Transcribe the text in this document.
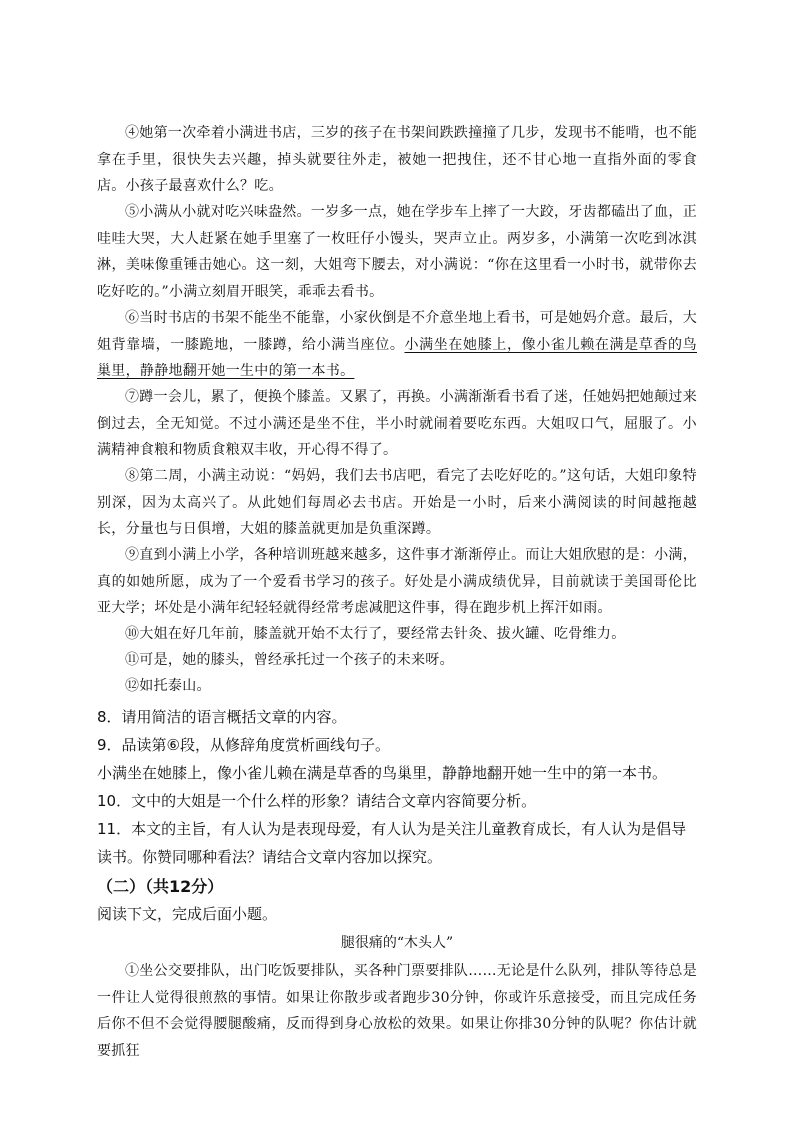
④她第一次牵着小满进书店，三岁的孩子在书架间跌跌撞撞了几步，发现书不能啃，也不能拿在手里，很快失去兴趣，掉头就要往外走，被她一把拽住，还不甘心地一直指外面的零食店。小孩子最喜欢什么？吃。
⑤小满从小就对吃兴味盎然。一岁多一点，她在学步车上摔了一大跤，牙齿都磕出了血，正哇哇大哭，大人赶紧在她手里塞了一枚旺仔小馒头，哭声立止。两岁多，小满第一次吃到冰淇淋，美味像重锤击她心。这一刻，大姐弯下腰去，对小满说：“你在这里看一小时书，就带你去吃好吃的。”小满立刻眉开眼笑，乖乖去看书。
⑥当时书店的书架不能坐不能靠，小家伙倒是不介意坐地上看书，可是她妈介意。最后，大姐背靠墙，一膝跪地，一膝蹲，给小满当座位。小满坐在她膝上，像小雀儿赖在满是草香的鸟巢里，静静地翻开她一生中的第一本书。
⑦蹲一会儿，累了，便换个膝盖。又累了，再换。小满渐渐看书看了迷，任她妈把她颠过来倒过去，全无知觉。不过小满还是坐不住，半小时就闹着要吃东西。大姐叹口气，屈服了。小满精神食粮和物质食粮双丰收，开心得不得了。
⑧第二周，小满主动说：“妈妈，我们去书店吧，看完了去吃好吃的。”这句话，大姐印象特别深，因为太高兴了。从此她们每周必去书店。开始是一小时，后来小满阅读的时间越拖越长，分量也与日俱增，大姐的膝盖就更加是负重深蹲。
⑨直到小满上小学，各种培训班越来越多，这件事才渐渐停止。而让大姐欣慰的是：小满，真的如她所愿，成为了一个爱看书学习的孩子。好处是小满成绩优异，目前就读于美国哥伦比亚大学；坏处是小满年纪轻轻就得经常考虑减肥这件事，得在跑步机上挥汗如雨。
⑩大姐在好几年前，膝盖就开始不太行了，要经常去针灸、拔火罐、吃骨维力。
⑪可是，她的膝头，曾经承托过一个孩子的未来呀。
⑫如托泰山。
8．请用简洁的语言概括文章的内容。
9．品读第⑥段，从修辞角度赏析画线句子。
小满坐在她膝上，像小雀儿赖在满是草香的鸟巢里，静静地翻开她一生中的第一本书。
10．文中的大姐是一个什么样的形象？请结合文章内容简要分析。
11．本文的主旨，有人认为是表现母爱，有人认为是关注儿童教育成长，有人认为是倡导读书。你赞同哪种看法？请结合文章内容加以探究。
（二）（共12分）
阅读下文，完成后面小题。
腿很痛的“木头人”
①坐公交要排队，出门吃饭要排队，买各种门票要排队……无论是什么队列，排队等待总是一件让人觉得很煎熬的事情。如果让你散步或者跑步30分钟，你或许乐意接受，而且完成任务后你不但不会觉得腰腿酸痛，反而得到身心放松的效果。如果让你排30分钟的队呢？你估计就要抓狂
